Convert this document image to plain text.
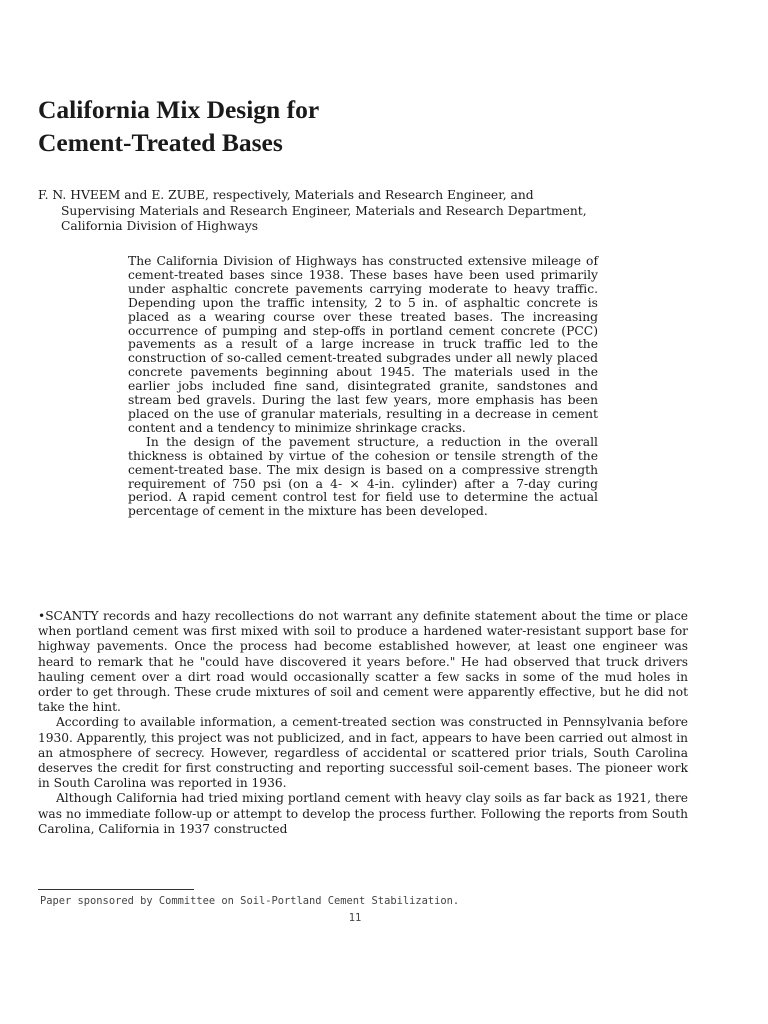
California Mix Design for
Cement-Treated Bases
F. N. HVEEM and E. ZUBE, respectively, Materials and Research Engineer, and
Supervising Materials and Research Engineer, Materials and Research Department,
California Division of Highways

The California Division of Highways has constructed extensive mileage of cement-treated bases since 1938. These bases have been used primarily under asphaltic concrete pavements carrying moderate to heavy traffic. Depending upon the traffic intensity, 2 to 5 in. of asphaltic concrete is placed as a wearing course over these treated bases. The increasing occurrence of pumping and step-offs in portland cement concrete (PCC) pavements as a result of a large increase in truck traffic led to the construction of so-called cement-treated subgrades under all newly placed concrete pavements beginning about 1945. The materials used in the earlier jobs included fine sand, disintegrated granite, sandstones and stream bed gravels. During the last few years, more emphasis has been placed on the use of granular materials, resulting in a decrease in cement content and a tendency to minimize shrinkage cracks.

In the design of the pavement structure, a reduction in the overall thickness is obtained by virtue of the cohesion or tensile strength of the cement-treated base. The mix design is based on a compressive strength requirement of 750 psi (on a 4- × 4-in. cylinder) after a 7-day curing period. A rapid cement control test for field use to determine the actual percentage of cement in the mixture has been developed.

•SCANTY records and hazy recollections do not warrant any definite statement about the time or place when portland cement was first mixed with soil to produce a hardened water-resistant support base for highway pavements. Once the process had become established however, at least one engineer was heard to remark that he "could have discovered it years before." He had observed that truck drivers hauling cement over a dirt road would occasionally scatter a few sacks in some of the mud holes in order to get through. These crude mixtures of soil and cement were apparently effective, but he did not take the hint.

According to available information, a cement-treated section was constructed in Pennsylvania before 1930. Apparently, this project was not publicized, and in fact, appears to have been carried out almost in an atmosphere of secrecy. However, regardless of accidental or scattered prior trials, South Carolina deserves the credit for first constructing and reporting successful soil-cement bases. The pioneer work in South Carolina was reported in 1936.

Although California had tried mixing portland cement with heavy clay soils as far back as 1921, there was no immediate follow-up or attempt to develop the process further. Following the reports from South Carolina, California in 1937 constructed

Paper sponsored by Committee on Soil-Portland Cement Stabilization.
11
